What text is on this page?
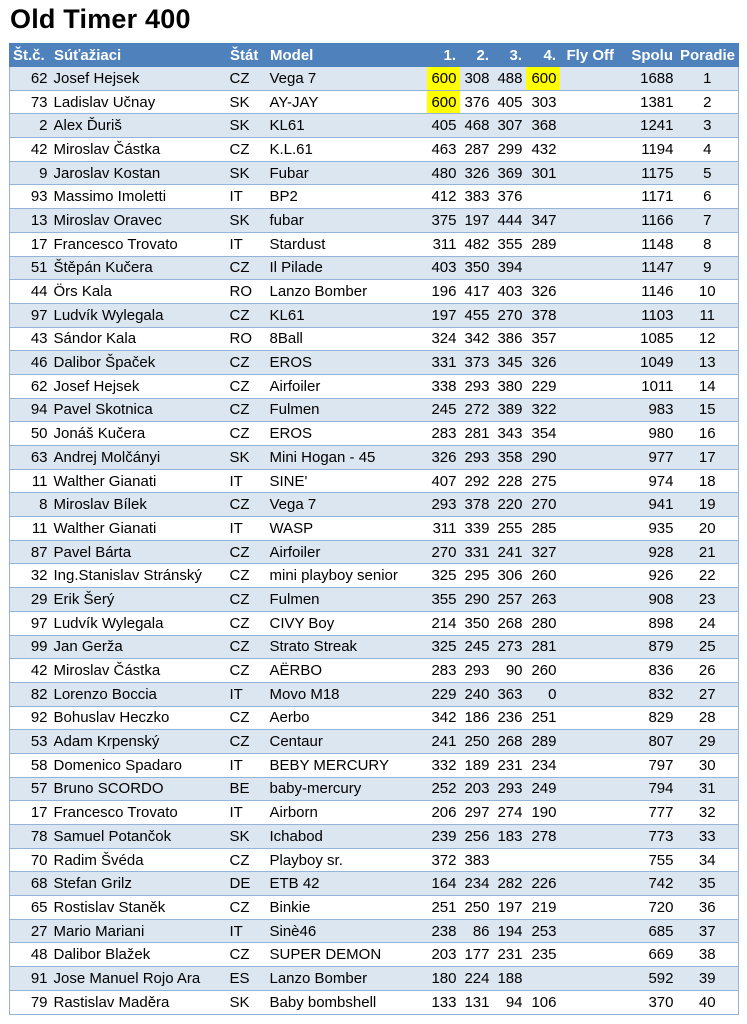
Old Timer 400
Št.č.	Súťažiaci	Štát	Model	1.	2.	3.	4.	Fly Off	Spolu	Poradie
62	Josef Hejsek	CZ	Vega 7	600	308	488	600		1688	1
73	Ladislav Učnay	SK	AY-JAY	600	376	405	303		1381	2
2	Alex Ďuriš	SK	KL61	405	468	307	368		1241	3
42	Miroslav Částka	CZ	K.L.61	463	287	299	432		1194	4
9	Jaroslav Kostan	SK	Fubar	480	326	369	301		1175	5
93	Massimo Imoletti	IT	BP2	412	383	376			1171	6
13	Miroslav Oravec	SK	fubar	375	197	444	347		1166	7
17	Francesco Trovato	IT	Stardust	311	482	355	289		1148	8
51	Štěpán Kučera	CZ	Il Pilade	403	350	394			1147	9
44	Örs Kala	RO	Lanzo Bomber	196	417	403	326		1146	10
97	Ludvík Wylegala	CZ	KL61	197	455	270	378		1103	11
43	Sándor Kala	RO	8Ball	324	342	386	357		1085	12
46	Dalibor Špaček	CZ	EROS	331	373	345	326		1049	13
62	Josef Hejsek	CZ	Airfoiler	338	293	380	229		1011	14
94	Pavel Skotnica	CZ	Fulmen	245	272	389	322		983	15
50	Jonáš Kučera	CZ	EROS	283	281	343	354		980	16
63	Andrej Molčányi	SK	Mini Hogan - 45	326	293	358	290		977	17
11	Walther Gianati	IT	SINE'	407	292	228	275		974	18
8	Miroslav Bílek	CZ	Vega 7	293	378	220	270		941	19
11	Walther Gianati	IT	WASP	311	339	255	285		935	20
87	Pavel Bárta	CZ	Airfoiler	270	331	241	327		928	21
32	Ing.Stanislav Stránský	CZ	mini playboy senior	325	295	306	260		926	22
29	Erik Šerý	CZ	Fulmen	355	290	257	263		908	23
97	Ludvík Wylegala	CZ	CIVY Boy	214	350	268	280		898	24
99	Jan Gerža	CZ	Strato Streak	325	245	273	281		879	25
42	Miroslav Částka	CZ	AËRBO	283	293	90	260		836	26
82	Lorenzo Boccia	IT	Movo M18	229	240	363	0		832	27
92	Bohuslav Heczko	CZ	Aerbo	342	186	236	251		829	28
53	Adam Krpenský	CZ	Centaur	241	250	268	289		807	29
58	Domenico Spadaro	IT	BEBY MERCURY	332	189	231	234		797	30
57	Bruno SCORDO	BE	baby-mercury	252	203	293	249		794	31
17	Francesco Trovato	IT	Airborn	206	297	274	190		777	32
78	Samuel Potančok	SK	Ichabod	239	256	183	278		773	33
70	Radim Švéda	CZ	Playboy sr.	372	383				755	34
68	Stefan Grilz	DE	ETB 42	164	234	282	226		742	35
65	Rostislav Staněk	CZ	Binkie	251	250	197	219		720	36
27	Mario Mariani	IT	Sinè46	238	86	194	253		685	37
48	Dalibor Blažek	CZ	SUPER DEMON	203	177	231	235		669	38
91	Jose Manuel Rojo Ara	ES	Lanzo Bomber	180	224	188			592	39
79	Rastislav Maděra	SK	Baby bombshell	133	131	94	106		370	40
